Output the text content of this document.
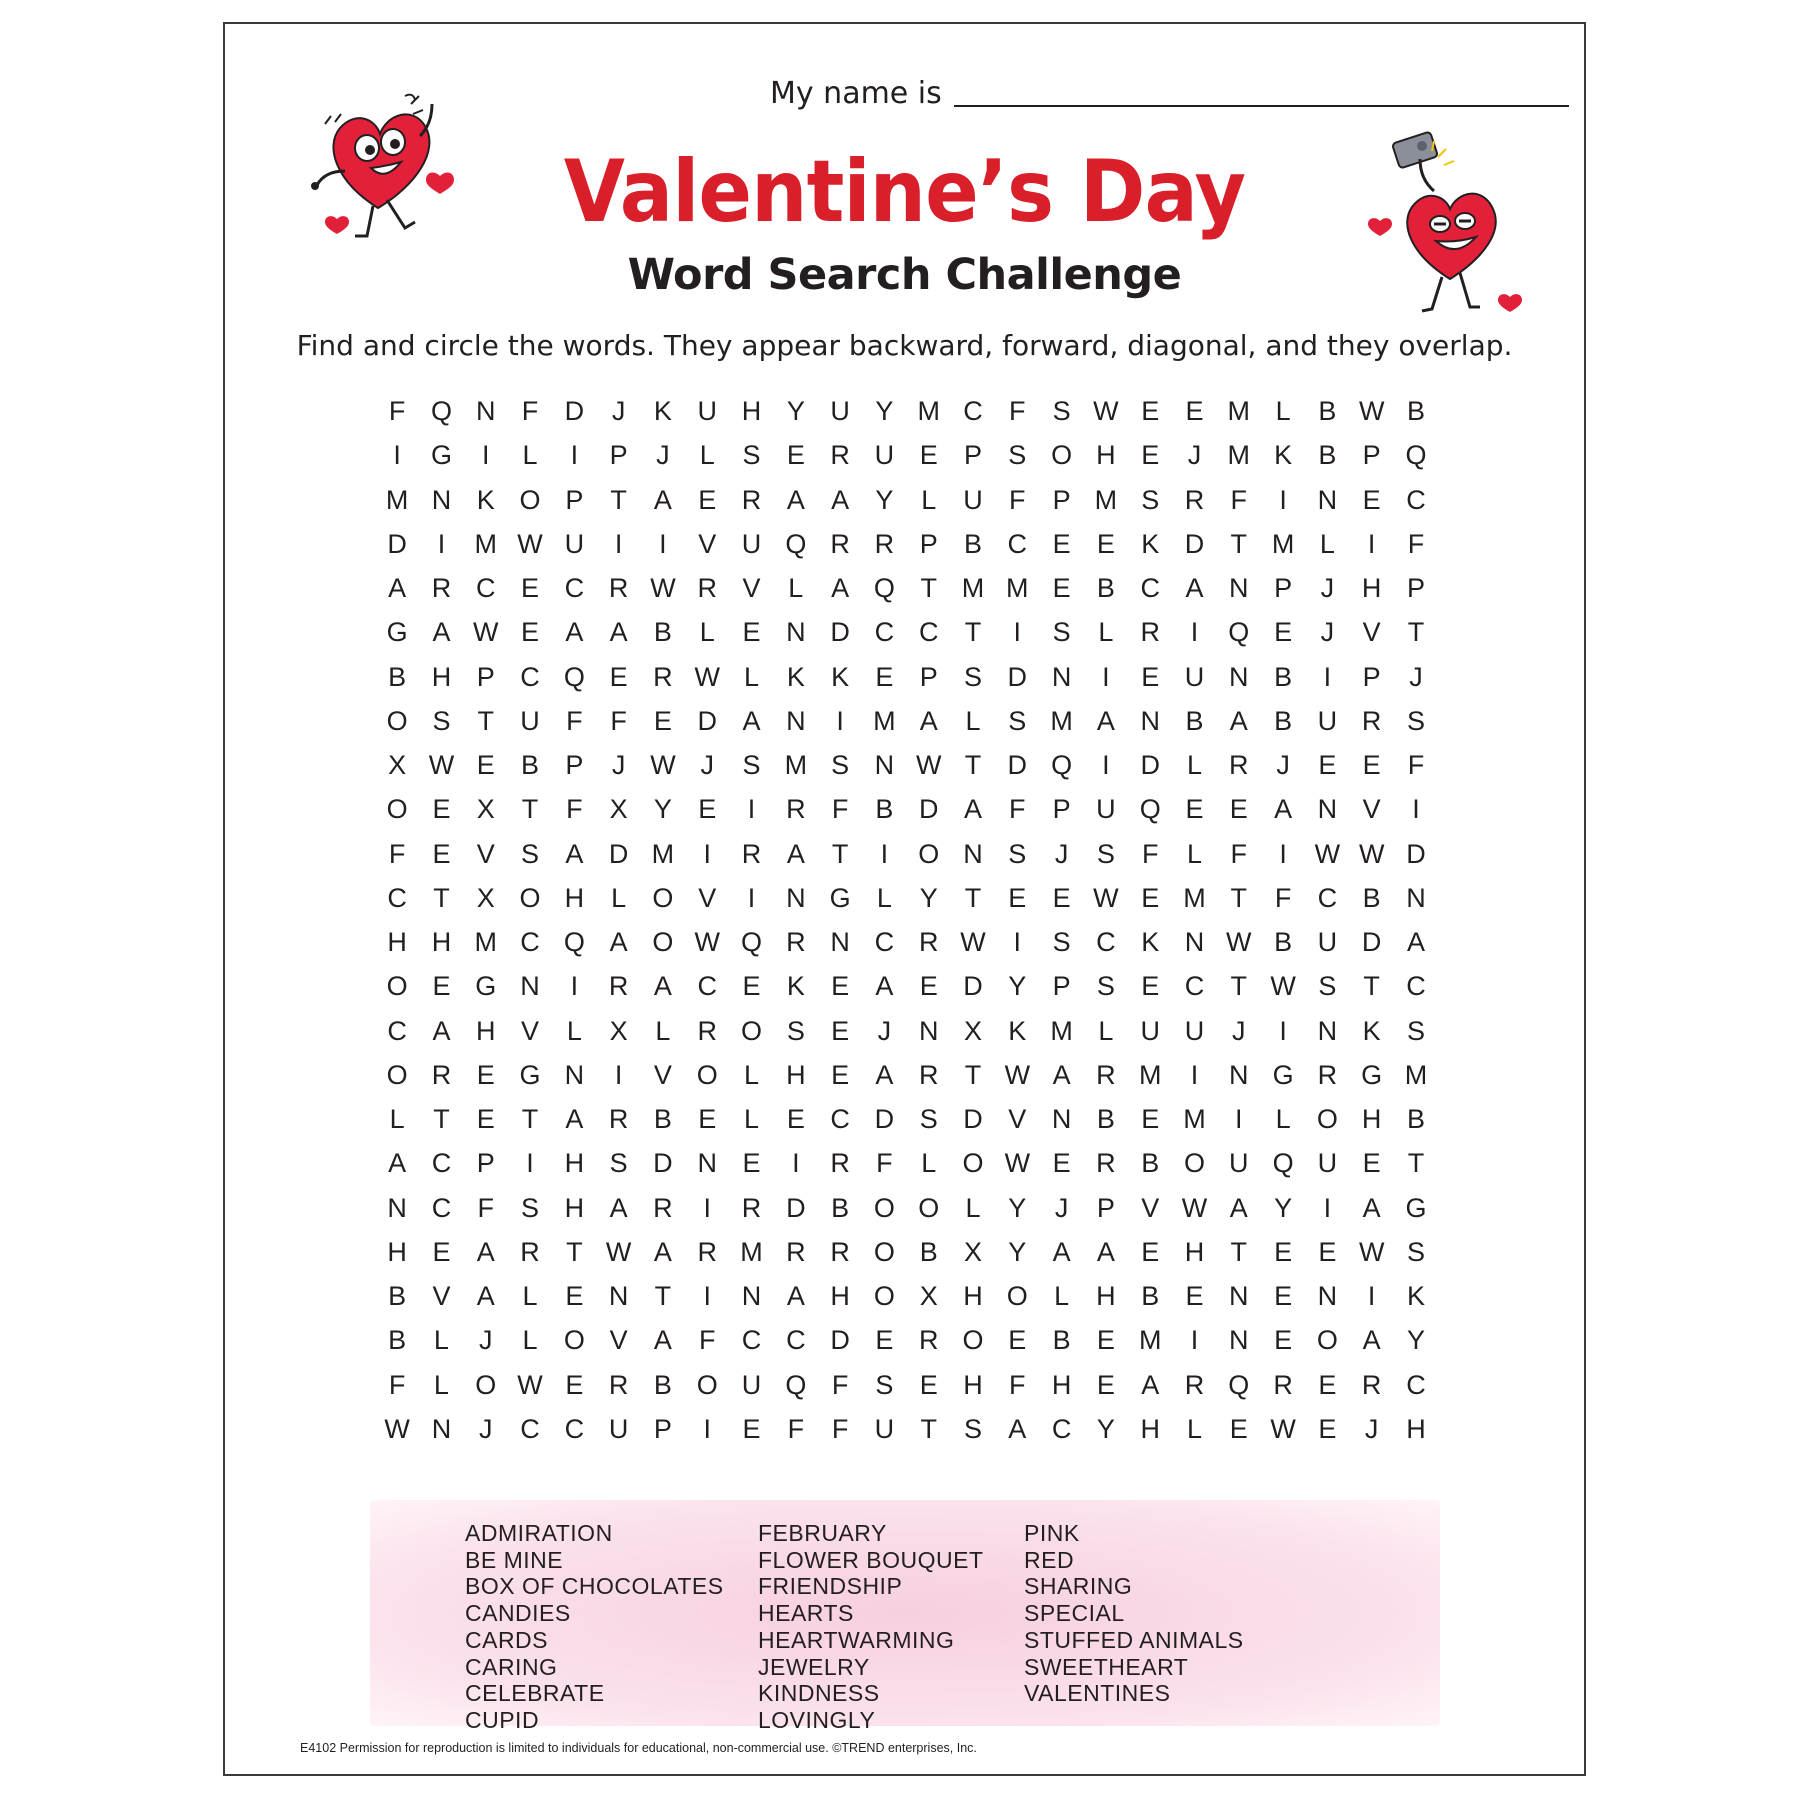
My name is
Valentine’s Day
Word Search Challenge
Find and circle the words. They appear backward, forward, diagonal, and they overlap.
F Q N F D	J	K U H Y U Y M C F	S W E E M L	B W B
I	G	I	L	I	P	J	L	S E R U E P S O H E	J M K B P Q
M N K O P	T	A E R A A Y	L	U F	P M S R F	I	N E C
D	I	M W U	I	I	V U Q R R P B C E E K D T M L	I	F
A R C E C R W R V	L	A Q T M M E B C A N P	J	H P
G A W E A A B	L	E N D C C T	I	S	L	R	I	Q E	J	V	T
B H P C Q E R W L	K K E P S D N	I	E U N B	I	P	J
O S	T U F	F	E D A N	I	M A	L	S M A N B A B U R S
X W E B P	J W J	S M S N W T D Q	I	D	L	R	J	E E	F
O E X	T	F	X Y E	I	R F	B D A	F	P U Q E E A N V	I
F	E V S A D M	I	R A	T	I	O N S	J	S	F	L	F	I	W W D
C T	X O H	L O V	I	N G L	Y	T	E E W E M T	F C B N
H H M C Q A O W Q R N C R W	I	S C K N W B U D A
O E G N	I	R A C E K E A E D Y P S E C T W S	T C
C A H V	L	X	L	R O S E	J	N X K M L	U U	J	I	N K S
O R E G N	I	V O L	H E A R T W A R M	I	N G R G M
L	T	E	T	A R B E	L	E C D S D V N B E M	I	L O H B
A C P	I	H S D N E	I	R F	L O W E R B O U Q U E	T
N C F	S H A R	I	R D B O O L	Y	J	P V W A Y	I	A G
H E A R T W A R M R R O B X Y A A E H T	E E W S
B V A	L	E N T	I	N A H O X H O L	H B E N E N	I	K
B	L	J	L O V A	F C C D E R O E B E M	I	N E O A Y
F	L O W E R B O U Q F	S E H F H E A R Q R E R C
W N	J	C C U P	I	E	F	F U T	S A C Y H	L	E W E	J	H
ADMIRATION
BE MINE
BOX OF CHOCOLATES
CANDIES
CARDS
CARING
CELEBRATE
CUPID
FEBRUARY
FLOWER BOUQUET
FRIENDSHIP
HEARTS
HEARTWARMING
JEWELRY
KINDNESS
LOVINGLY
PINK
RED
SHARING
SPECIAL
STUFFED ANIMALS
SWEETHEART
VALENTINES
E4102 Permission for reproduction is limited to individuals for educational, non-commercial use. ©TREND enterprises, Inc.
